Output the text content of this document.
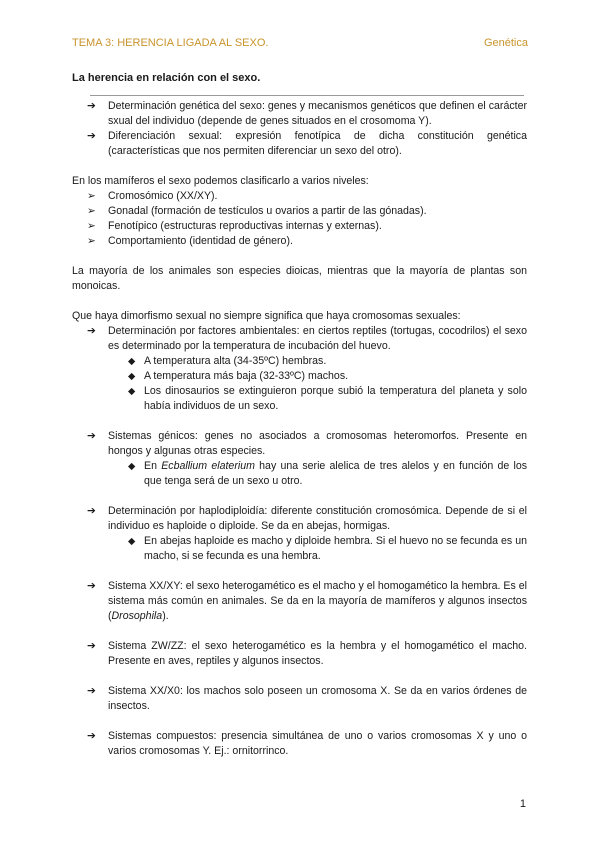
TEMA 3: HERENCIA LIGADA AL SEXO.	Genética
La herencia en relación con el sexo.
➔ Determinación genética del sexo: genes y mecanismos genéticos que definen el carácter sxual del individuo (depende de genes situados en el crosomoma Y).
➔ Diferenciación sexual: expresión fenotípica de dicha constitución genética (características que nos permiten diferenciar un sexo del otro).

En los mamíferos el sexo podemos clasificarlo a varios niveles:

➢ Cromosómico (XX/XY).
➢ Gonadal (formación de testículos u ovarios a partir de las gónadas).
➢ Fenotípico (estructuras reproductivas internas y externas).
➢ Comportamiento (identidad de género).

La mayoría de los animales son especies dioicas, mientras que la mayoría de plantas son monoicas.

Que haya dimorfismo sexual no siempre significa que haya cromosomas sexuales:

➔ Determinación por factores ambientales: en ciertos reptiles (tortugas, cocodrilos) el sexo es determinado por la temperatura de incubación del huevo.
◆ A temperatura alta (34-35ºC) hembras.
◆ A temperatura más baja (32-33ºC) machos.
◆ Los dinosaurios se extinguieron porque subió la temperatura del planeta y solo había individuos de un sexo.
➔ Sistemas génicos: genes no asociados a cromosomas heteromorfos. Presente en hongos y algunas otras especies.
◆ En Ecballium elaterium hay una serie alelica de tres alelos y en función de los que tenga será de un sexo u otro.
➔ Determinación por haplodiploidía: diferente constitución cromosómica. Depende de si el individuo es haploide o diploide. Se da en abejas, hormigas.
◆ En abejas haploide es macho y diploide hembra. Si el huevo no se fecunda es un macho, si se fecunda es una hembra.
➔ Sistema XX/XY: el sexo heterogamético es el macho y el homogamético la hembra. Es el sistema más común en animales. Se da en la mayoría de mamíferos y algunos insectos (Drosophila).
➔ Sistema ZW/ZZ: el sexo heterogamético es la hembra y el homogamético el macho. Presente en aves, reptiles y algunos insectos.
➔ Sistema XX/X0: los machos solo poseen un cromosoma X. Se da en varios órdenes de insectos.
➔ Sistemas compuestos: presencia simultánea de uno o varios cromosomas X y uno o varios cromosomas Y. Ej.: ornitorrinco.
1
